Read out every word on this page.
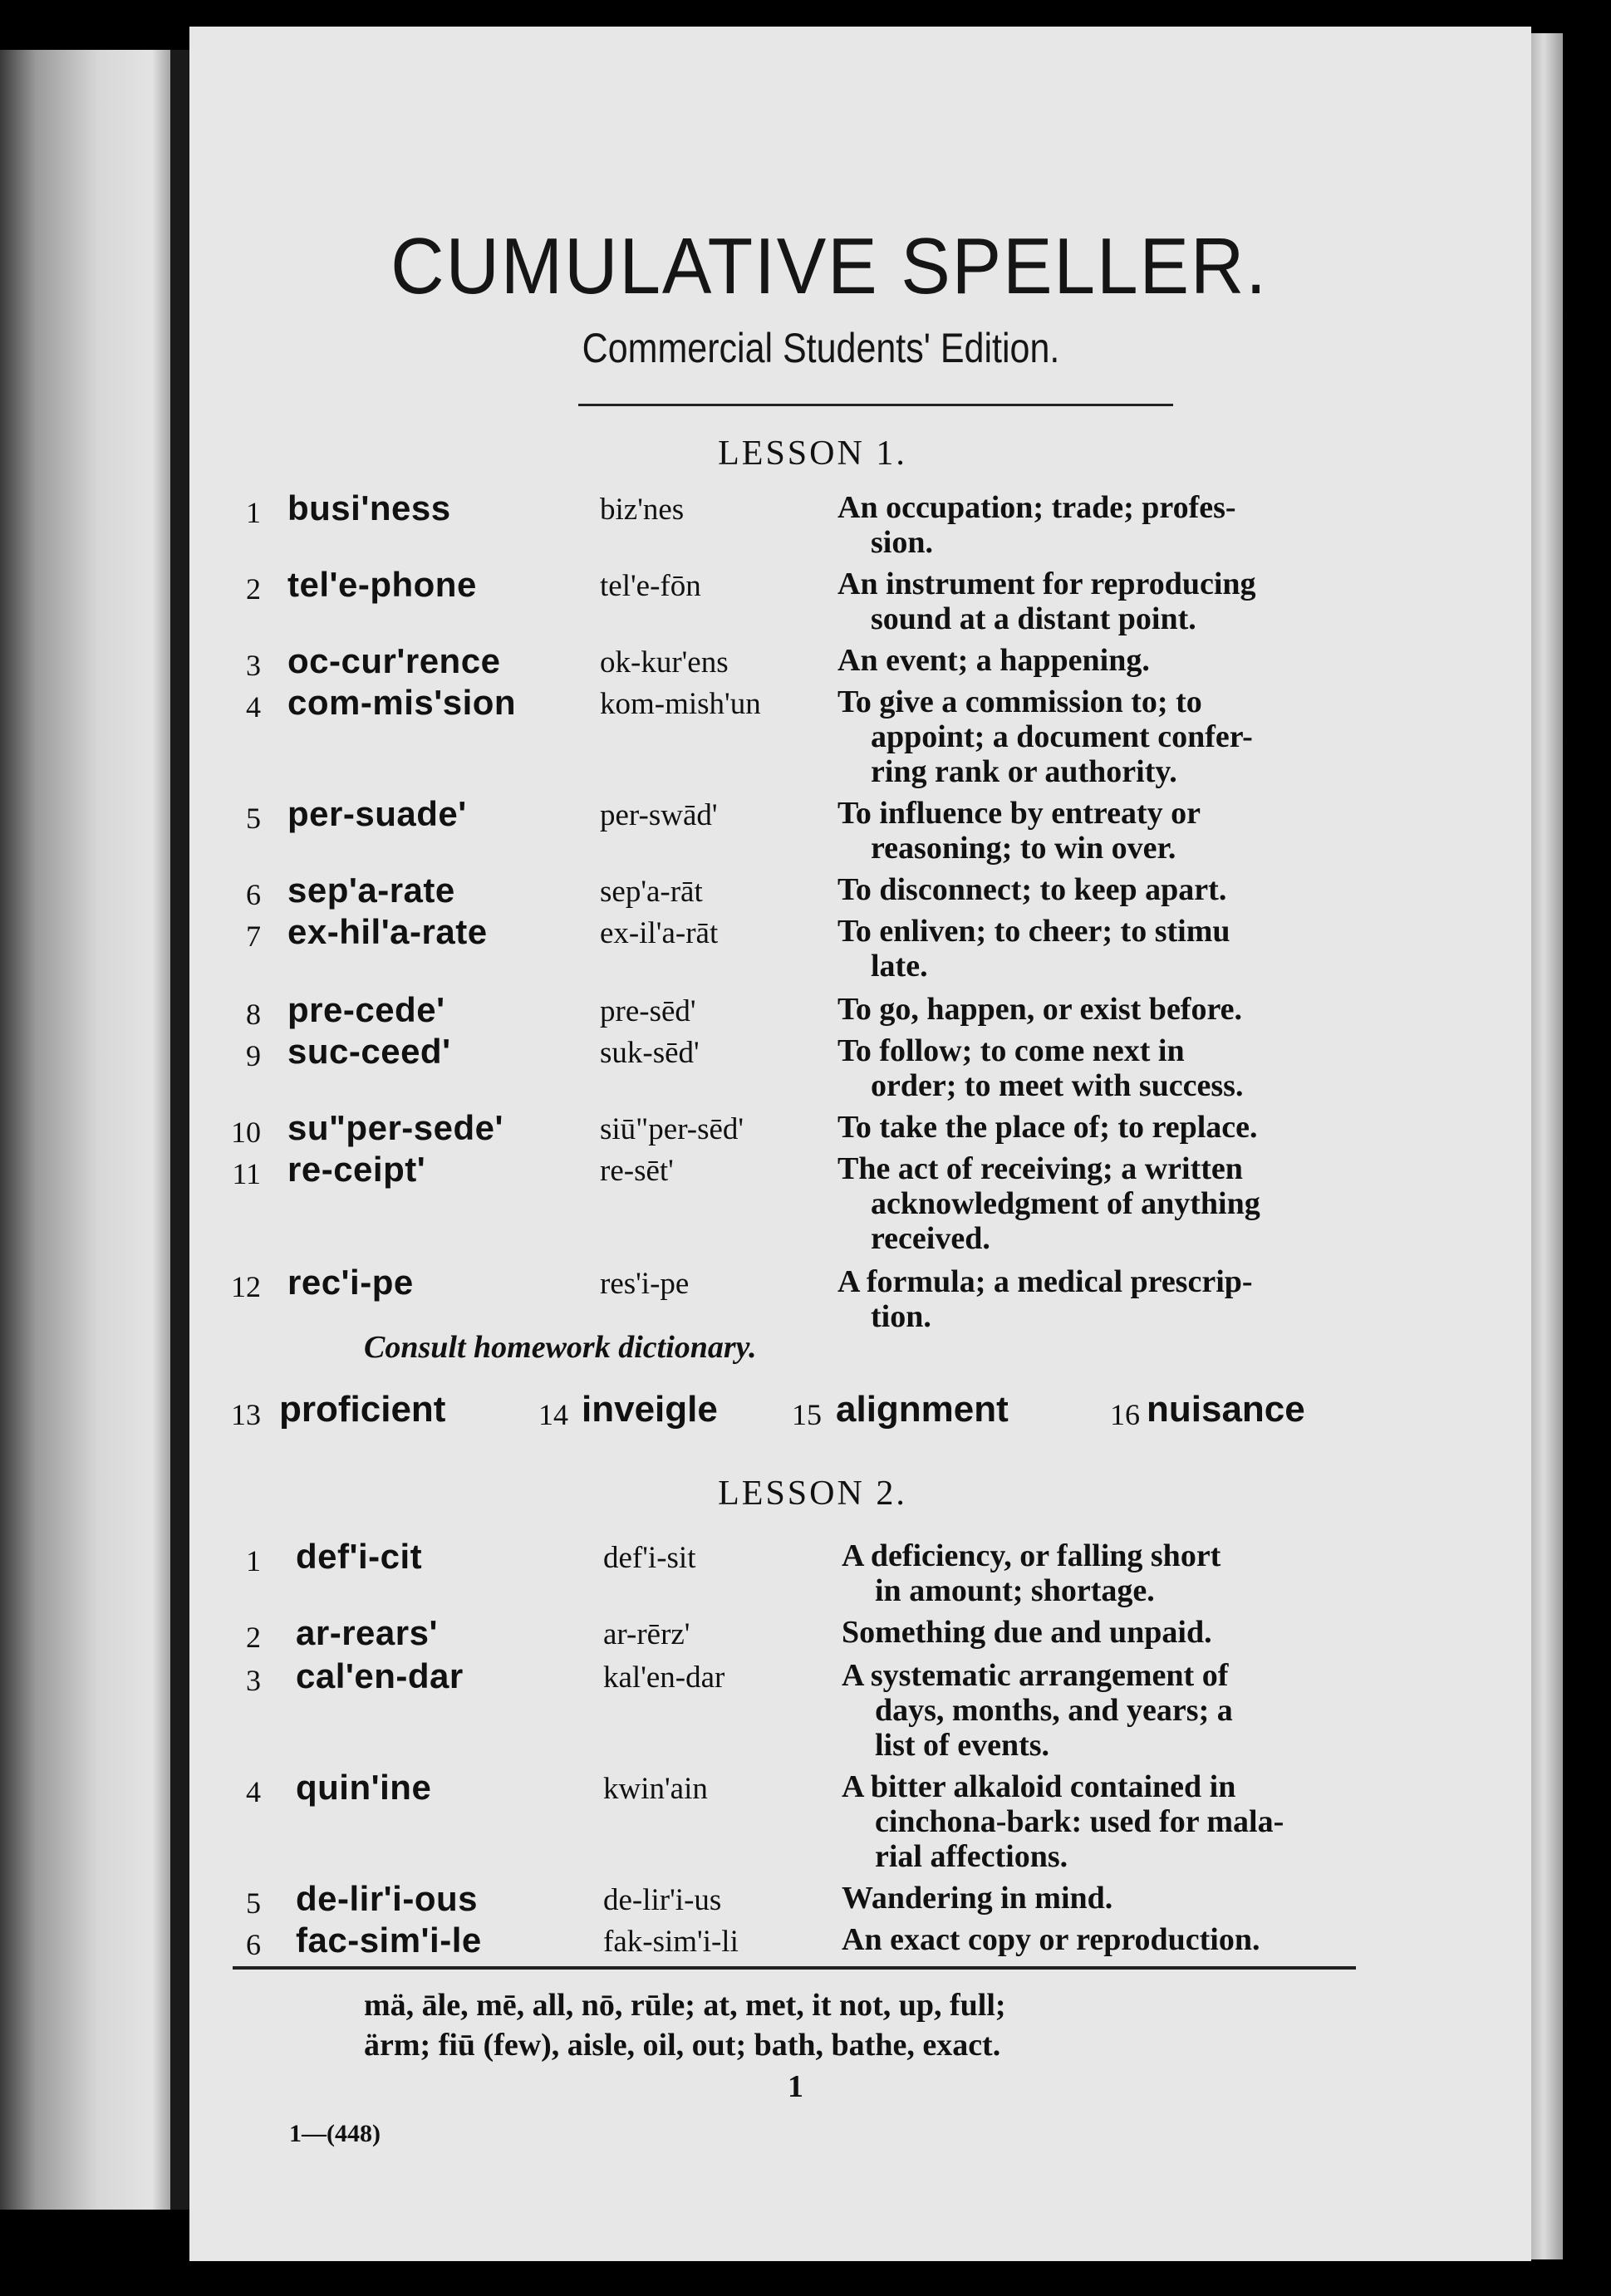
CUMULATIVE SPELLER.
Commercial Students' Edition.
LESSON 1.
1 busi'ness	biz'nes	An occupation; trade; profes-
sion.
2 tel'e-phone	tel'e-fōn	An instrument for reproducing
sound at a distant point.
3 oc-cur'rence	ok-kur'ens	An event; a happening.
4 com-mis'sion	kom-mish'un To give a commission to; to
appoint; a document confer-
ring rank or authority.
5 per-suade'	per-swād'	To influence by entreaty or
reasoning; to win over.
6 sep'a-rate	sep'a-rāt	To disconnect; to keep apart.
7 ex-hil'a-rate	ex-il'a-rāt	To enliven; to cheer; to stimu
late.
8 pre-cede'	pre-sēd'	To go, happen, or exist before.
9 suc-ceed'	suk-sēd'	To follow; to come next in
order; to meet with success.
10 su"per-sede'	siū"per-sēd'	To take the place of; to replace.
11 re-ceipt'	re-sēt'	The act of receiving; a written
acknowledgment of anything
received.
12 rec'i-pe	res'i-pe	A formula; a medical prescrip-
tion.
Consult homework dictionary.
13 proficient	14 inveigle 15 alignment	16 nuisance
LESSON 2.
1 def'i-cit	def'i-sit	A deficiency, or falling short
in amount; shortage.
2 ar-rears'	ar-rērz'	Something due and unpaid.
3 cal'en-dar	kal'en-dar	A systematic arrangement of
days, months, and years; a
list of events.
4 quin'ine	kwin'ain	A bitter alkaloid contained in
cinchona-bark: used for mala-
rial affections.
5 de-lir'i-ous	de-lir'i-us	Wandering in mind.
6 fac-sim'i-le	fak-sim'i-li	An exact copy or reproduction.
mä, āle, mē, all, nō, rūle; at, met, it not, up, full;
ärm; fiū (few), aisle, oil, out; bath, bathe, exact.
1
1—(448)
